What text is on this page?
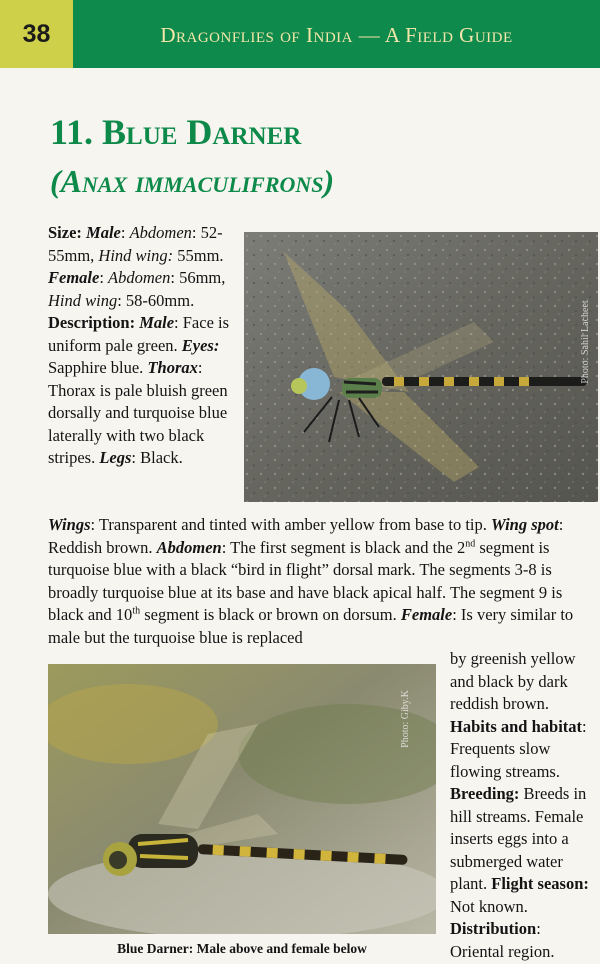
38	Dragonflies of India — A Field Guide
11. Blue Darner
(Anax immaculifrons)
Size: Male: Abdomen: 52-55mm, Hind wing: 55mm. Female: Abdomen: 56mm, Hind wing: 58-60mm. Description: Male: Face is uniform pale green. Eyes: Sapphire blue. Thorax: Thorax is pale bluish green dorsally and turquoise blue laterally with two black stripes. Legs: Black.
Photo: Sahil Lacheet
Wings: Transparent and tinted with amber yellow from base to tip. Wing spot: Reddish brown. Abdomen: The first segment is black and the 2nd segment is turquoise blue with a black “bird in flight” dorsal mark. The segments 3-8 is broadly turquoise blue at its base and have black apical half. The segment 9 is black and 10th segment is black or brown on dorsum. Female: Is very similar to male but the turquoise blue is replaced
Photo: Giby.K
Blue Darner: Male above and female below
by greenish yellow and black by dark reddish brown. Habits and habitat: Frequents slow flowing streams. Breeding: Breeds in hill streams. Female inserts eggs into a submerged water plant. Flight season: Not known. Distribution: Oriental region.
